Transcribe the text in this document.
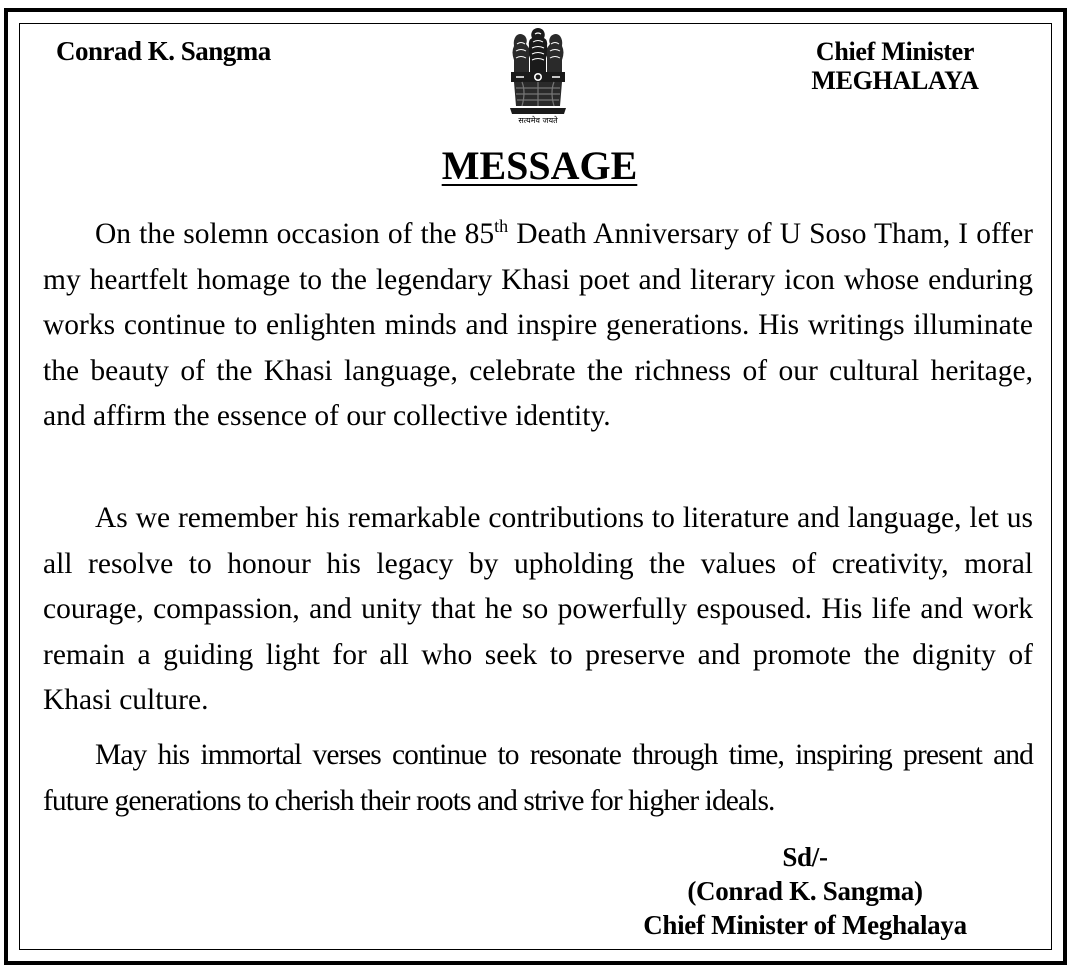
Conrad K. Sangma
सत्यमेव जयते
Chief Minister
MEGHALAYA
MESSAGE

On the solemn occasion of the 85th Death Anniversary of U Soso Tham, I offer my heartfelt homage to the legendary Khasi poet and literary icon whose enduring works continue to enlighten minds and inspire generations. His writings illuminate the beauty of the Khasi language, celebrate the richness of our cultural heritage, and affirm the essence of our collective identity.

As we remember his remarkable contributions to literature and language, let us all resolve to honour his legacy by upholding the values of creativity, moral courage, compassion, and unity that he so powerfully espoused. His life and work remain a guiding light for all who seek to preserve and promote the dignity of Khasi culture.

May his immortal verses continue to resonate through time, inspiring present and future generations to cherish their roots and strive for higher ideals.

Sd/-
(Conrad K. Sangma)
Chief Minister of Meghalaya
